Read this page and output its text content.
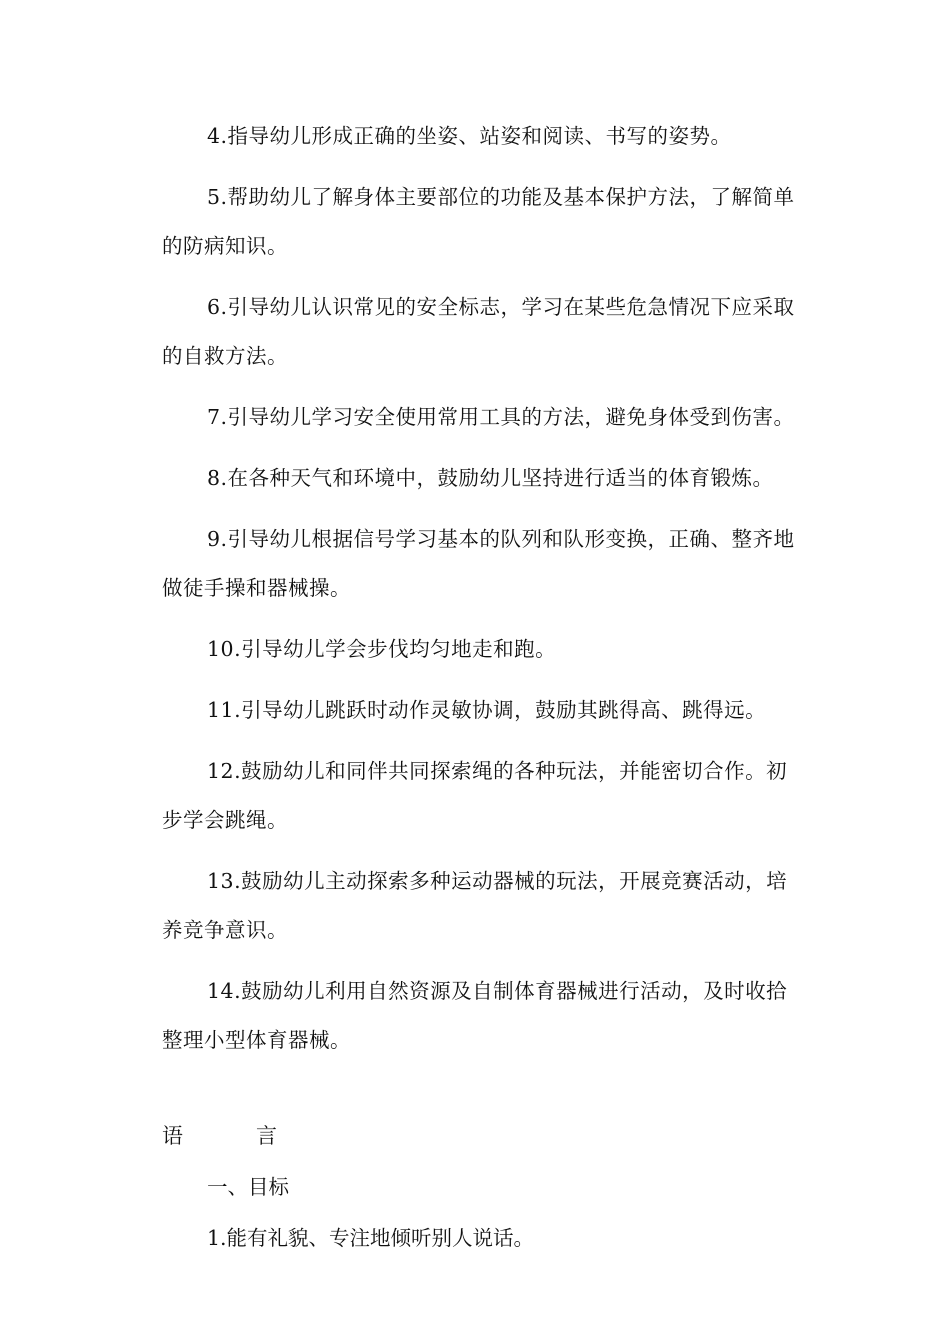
4.指导幼儿形成正确的坐姿、站姿和阅读、书写的姿势。

5.帮助幼儿了解身体主要部位的功能及基本保护方法，了解简单的防病知识。

6.引导幼儿认识常见的安全标志，学习在某些危急情况下应采取的自救方法。

7.引导幼儿学习安全使用常用工具的方法，避免身体受到伤害。

8.在各种天气和环境中，鼓励幼儿坚持进行适当的体育锻炼。

9.引导幼儿根据信号学习基本的队列和队形变换，正确、整齐地做徒手操和器械操。

10.引导幼儿学会步伐均匀地走和跑。

11.引导幼儿跳跃时动作灵敏协调，鼓励其跳得高、跳得远。

12.鼓励幼儿和同伴共同探索绳的各种玩法，并能密切合作。初步学会跳绳。

13.鼓励幼儿主动探索多种运动器械的玩法，开展竞赛活动，培养竞争意识。

14.鼓励幼儿利用自然资源及自制体育器械进行活动，及时收拾整理小型体育器械。

语	言

一、目标

1.能有礼貌、专注地倾听别人说话。
